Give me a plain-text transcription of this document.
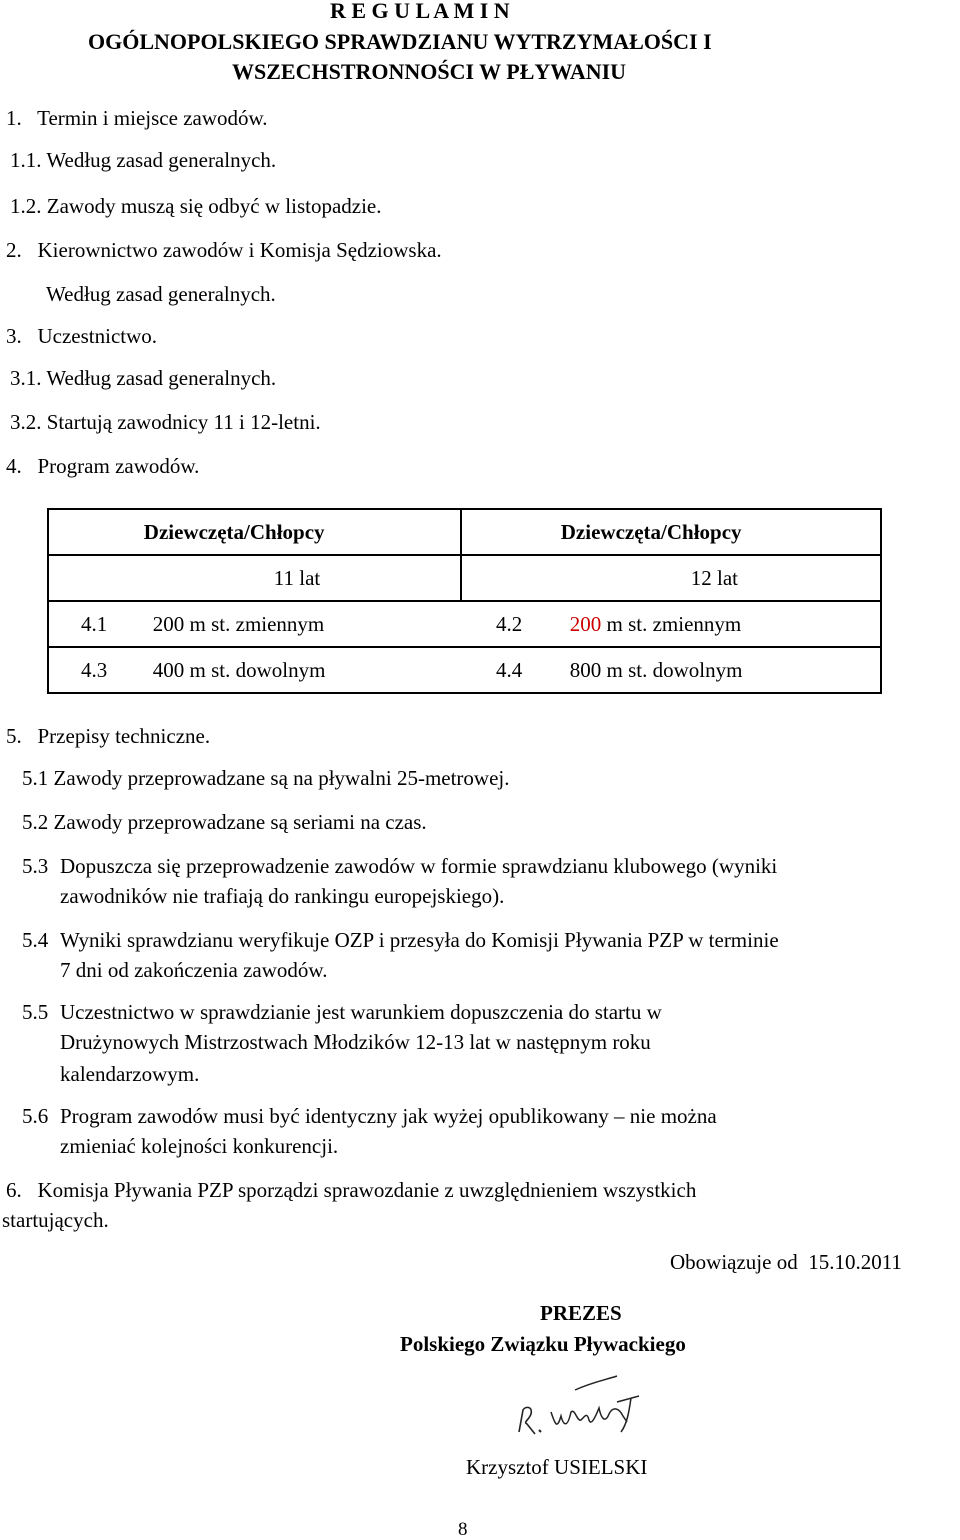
R E G U L A M I N
OGÓLNOPOLSKIEGO SPRAWDZIANU WYTRZYMAŁOŚCI I
WSZECHSTRONNOŚCI W PŁYWANIU
1.   Termin i miejsce zawodów.
1.1. Według zasad generalnych.
1.2. Zawody muszą się odbyć w listopadzie.
2.   Kierownictwo zawodów i Komisja Sędziowska.
Według zasad generalnych.
3.   Uczestnictwo.
3.1. Według zasad generalnych.
3.2. Startują zawodnicy 11 i 12-letni.
4.   Program zawodów.
	Dziewczęta/Chłopcy		Dziewczęta/Chłopcy
	11 lat		12 lat
4.1	200 m st. zmiennym	4.2	200 m st. zmiennym
4.3	400 m st. dowolnym	4.4	800 m st. dowolnym
5.   Przepisy techniczne.
5.1 Zawody przeprowadzane są na pływalni 25-metrowej.
5.2 Zawody przeprowadzane są seriami na czas.
5.3 Dopuszcza się przeprowadzenie zawodów w formie sprawdzianu klubowego (wyniki
zawodników nie trafiają do rankingu europejskiego).
5.4 Wyniki sprawdzianu weryfikuje OZP i przesyła do Komisji Pływania PZP w terminie
7 dni od zakończenia zawodów.
5.5 Uczestnictwo w sprawdzianie jest warunkiem dopuszczenia do startu w
Drużynowych Mistrzostwach Młodzików 12-13 lat w następnym roku
kalendarzowym.
5.6 Program zawodów musi być identyczny jak wyżej opublikowany – nie można
zmieniać kolejności konkurencji.
6.   Komisja Pływania PZP sporządzi sprawozdanie z uwzględnieniem wszystkich
startujących.
Obowiązuje od  15.10.2011
PREZES
Polskiego Związku Pływackiego
Krzysztof USIELSKI
8
